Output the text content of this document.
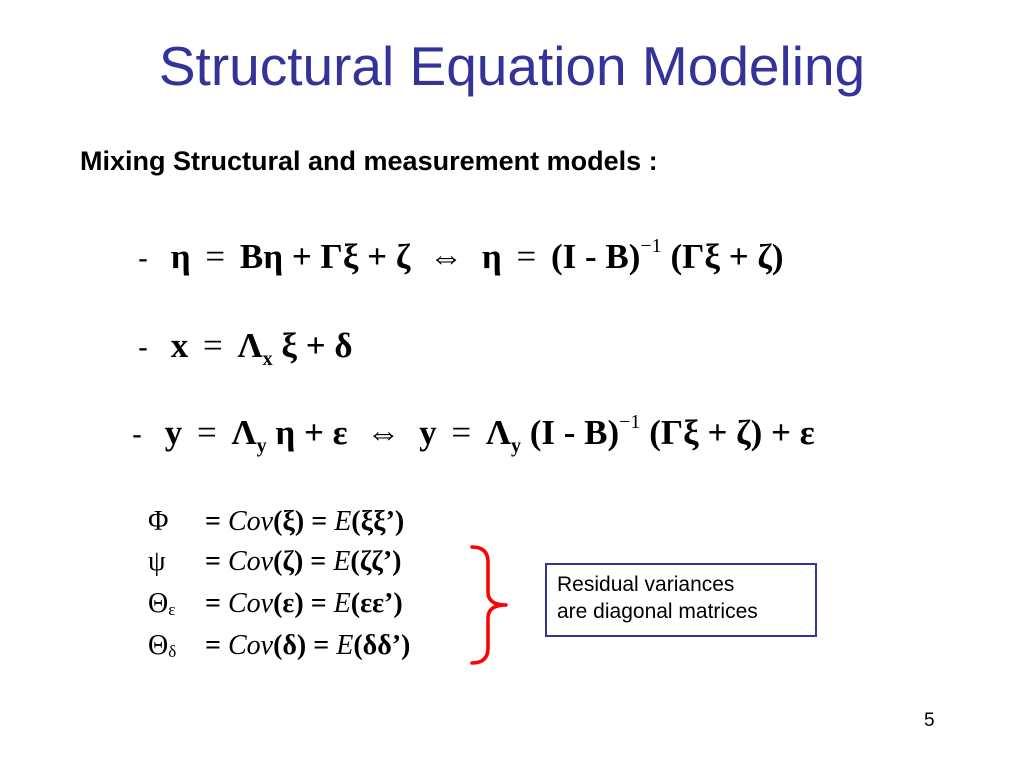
Structural Equation Modeling
Mixing Structural and measurement models :
- η = Bη + Γξ + ζ ⇔ η = (I - B)$^{-1}$ (Γξ + ζ)
- $x = \Lambda_x$ ξ + δ
- $y = \Lambda_y$ η + ε ⇔ $y = \Lambda_y$ (I - B)$^{-1}$ (Γξ + ζ) + ε
Φ = Cov(ξ) = E(ξξ’)
ψ = Cov(ζ) = E(ζζ’)
Θε = Cov(ε) = E(εε’)
Θδ = Cov(δ) = E(δδ’)
Residual variances
are diagonal matrices
5
